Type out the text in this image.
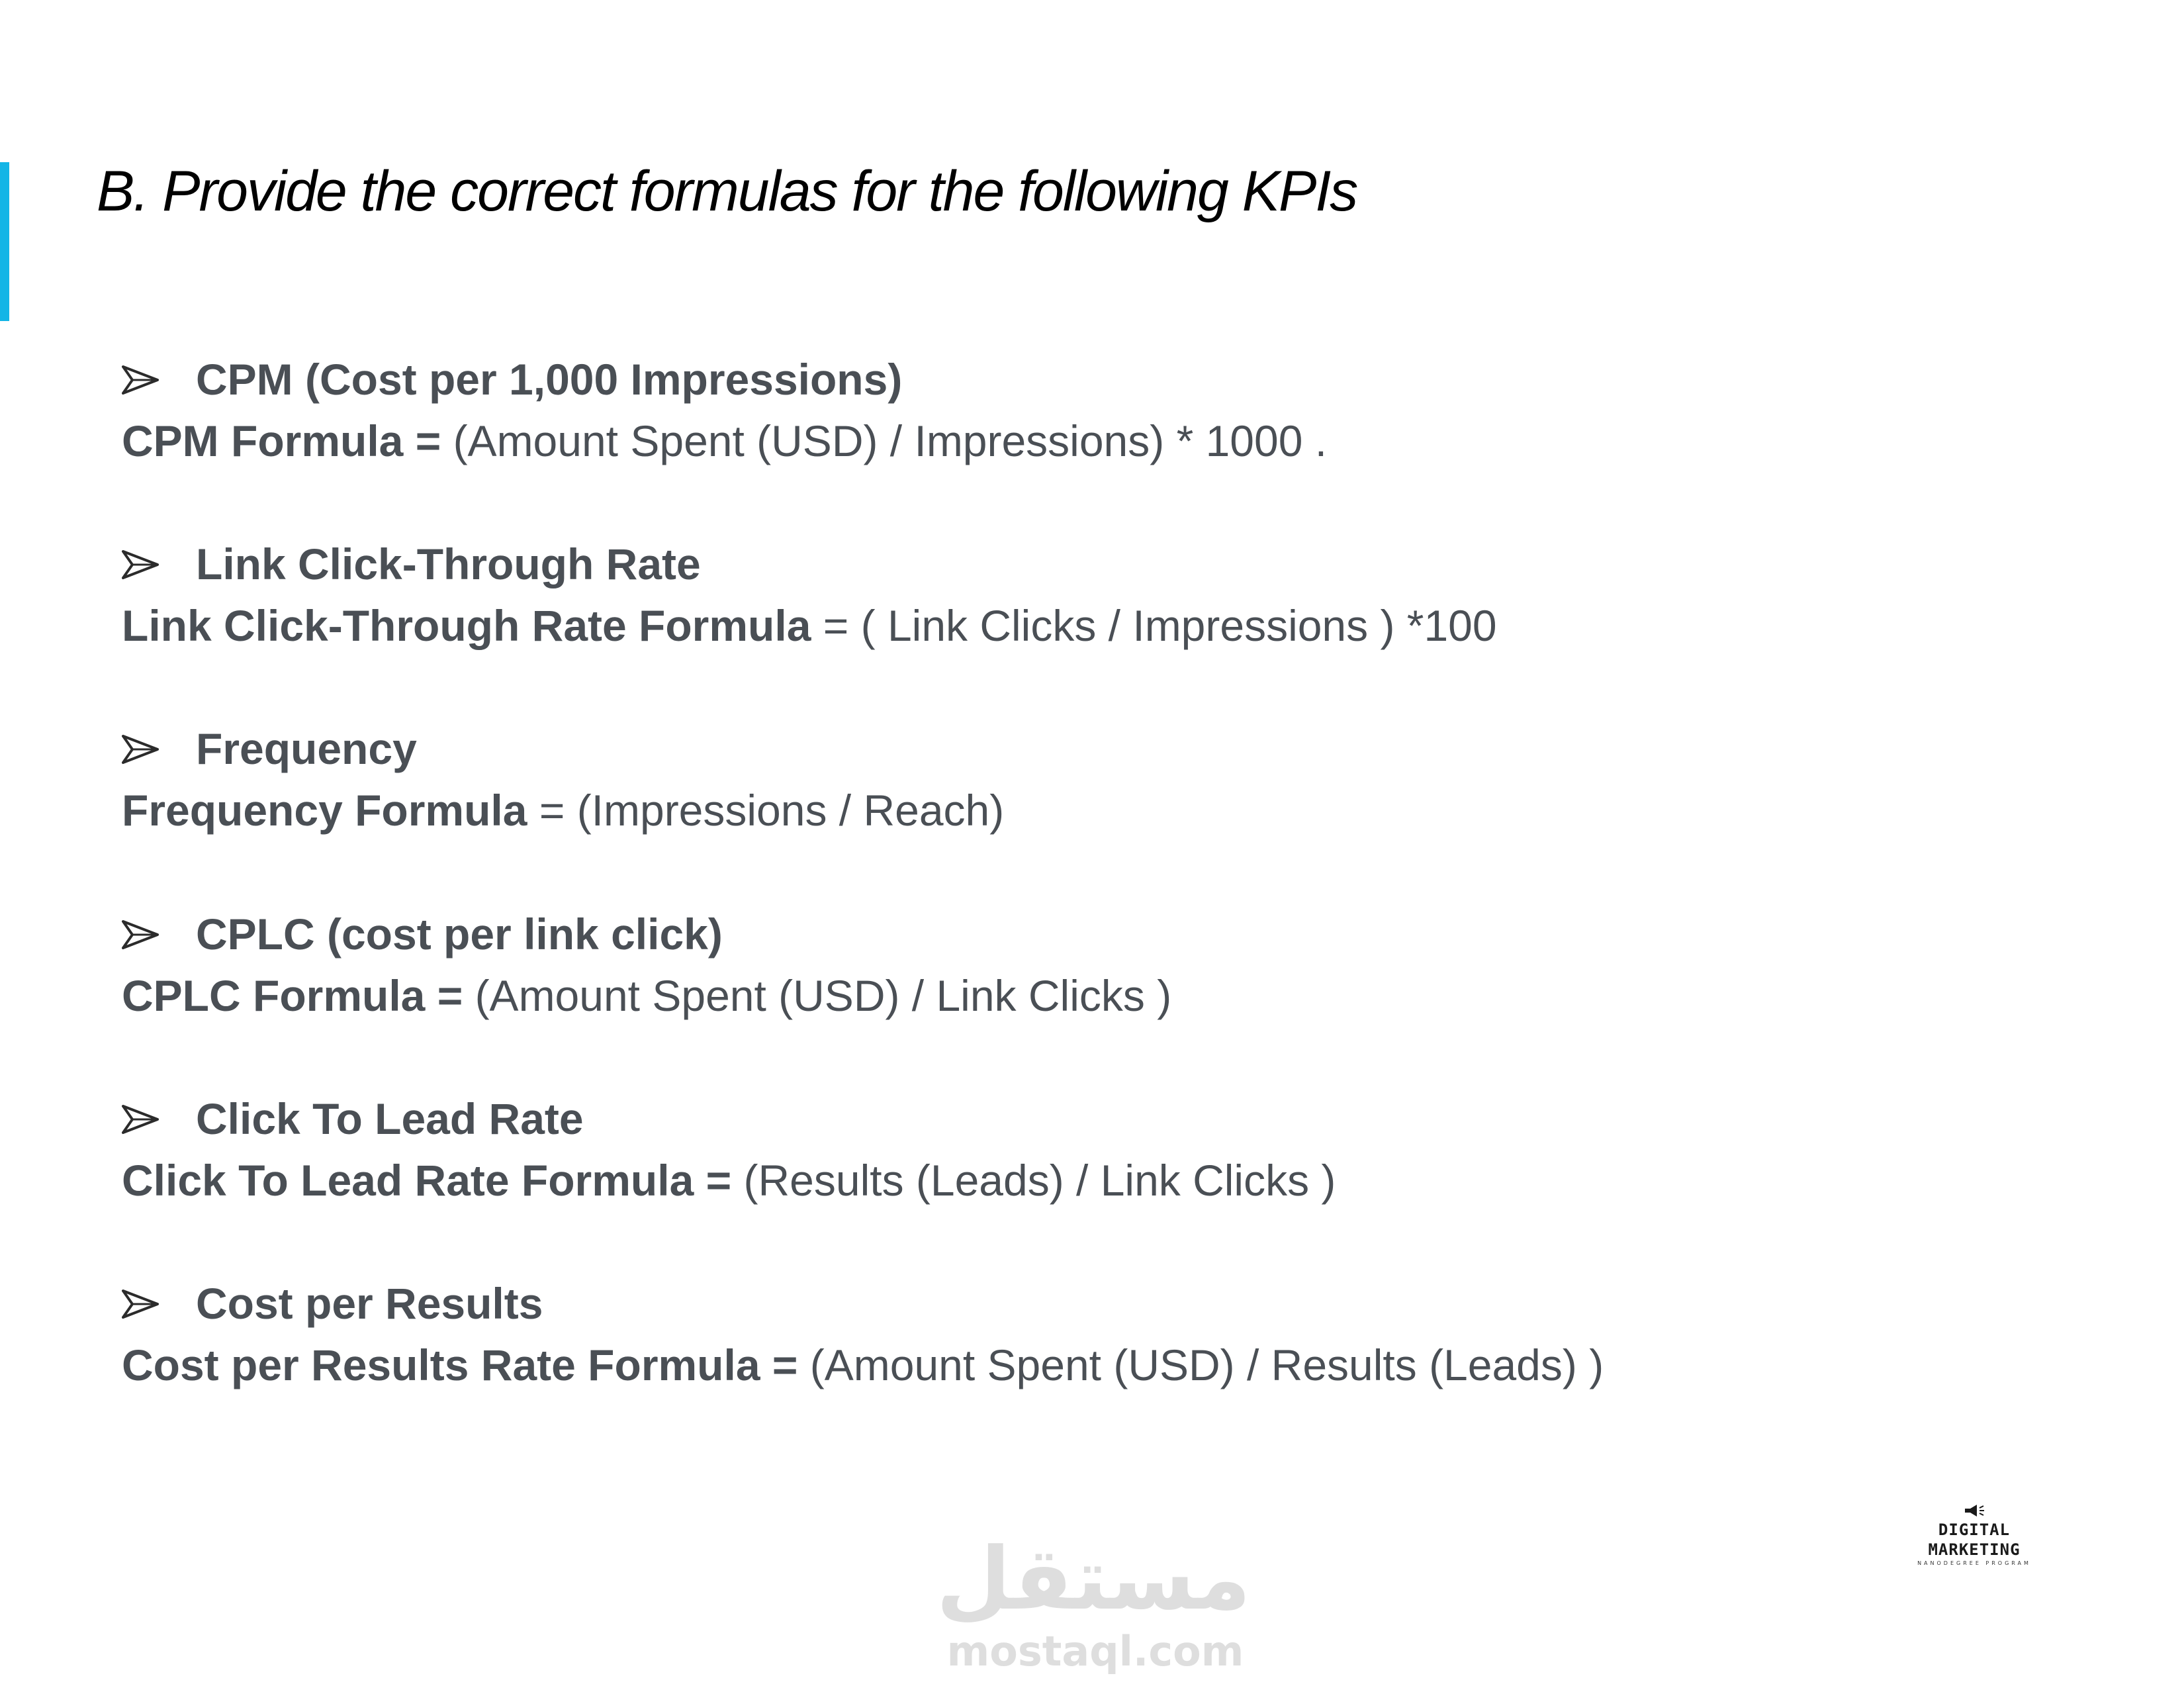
B. Provide the correct formulas for the following KPIs
CPM (Cost per 1,000 Impressions)
CPM Formula = (Amount Spent (USD) / Impressions) * 1000 .
Link Click-Through Rate
Link Click-Through Rate Formula = ( Link Clicks / Impressions ) *100
Frequency
Frequency Formula = (Impressions / Reach)
CPLC (cost per link click)
CPLC Formula = (Amount Spent (USD) / Link Clicks )
Click To Lead Rate
Click To Lead Rate Formula = (Results (Leads) / Link Clicks )
Cost per Results
Cost per Results Rate Formula = (Amount Spent (USD) / Results (Leads) )
DIGITAL MARKETING
NANODEGREE PROGRAM
مستقل
mostaql.com
